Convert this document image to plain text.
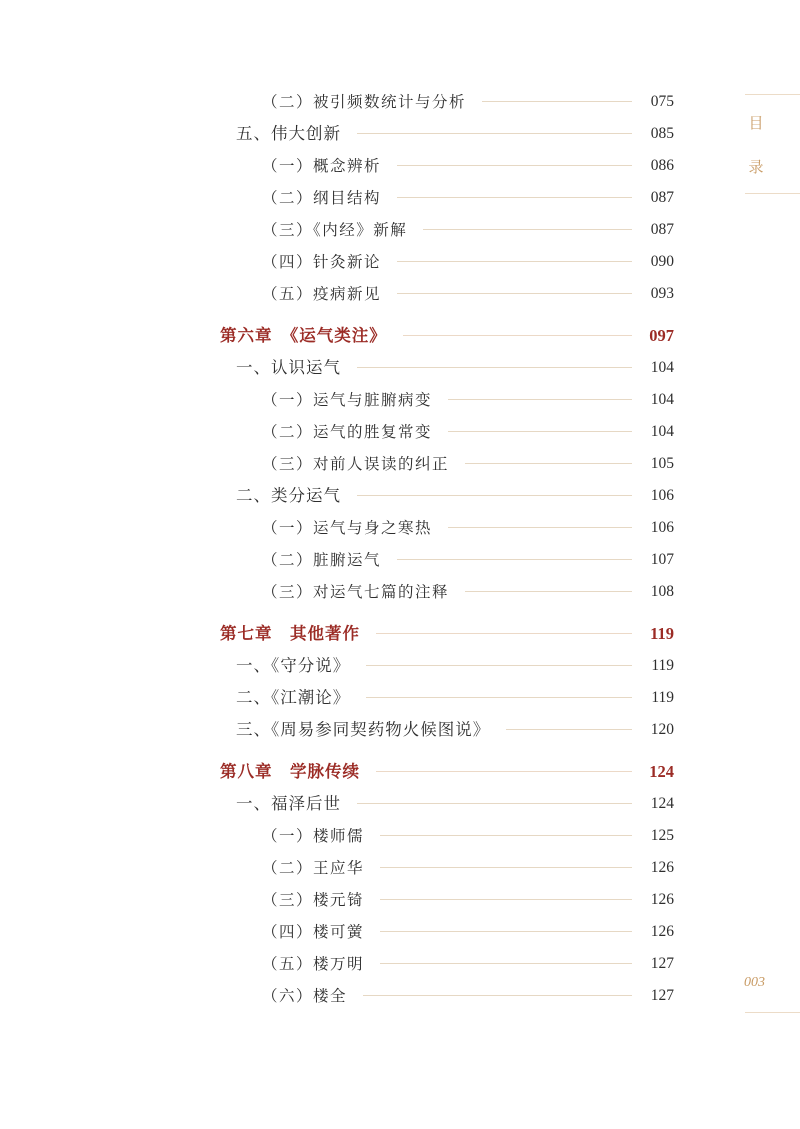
（二）被引频数统计与分析	075
五、伟大创新	085
（一）概念辨析	086
（二）纲目结构	087
（三）《内经》新解	087
（四）针灸新论	090
（五）疫病新见	093
第六章　《运气类注》	097
一、认识运气	104
（一）运气与脏腑病变	104
（二）运气的胜复常变	104
（三）对前人误读的纠正	105
二、类分运气	106
（一）运气与身之寒热	106
（二）脏腑运气	107
（三）对运气七篇的注释	108
第七章　其他著作	119
一、《守分说》	119
二、《江潮论》	119
三、《周易参同契药物火候图说》	120
第八章　学脉传续	124
一、福泽后世	124
（一）楼师儒	125
（二）王应华	126
（三）楼元锜	126
（四）楼可黉	126
（五）楼万明	127
（六）楼全	127
目
录
003
